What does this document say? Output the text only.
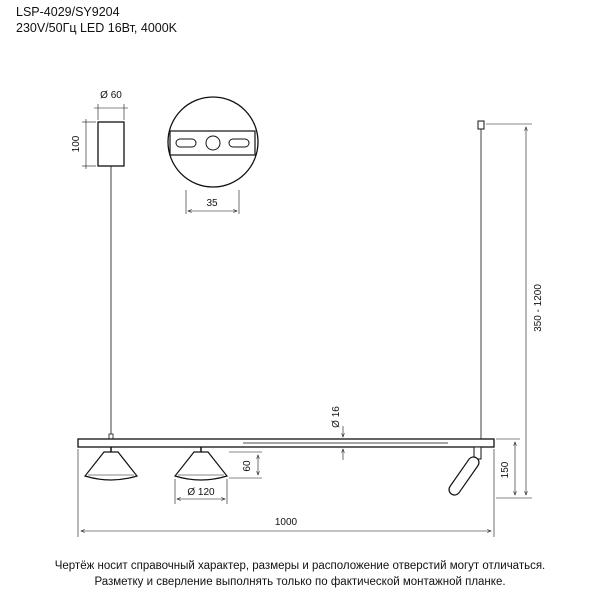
LSP-4029/SY9204
230V/50Гц LED 16Вт, 4000K
Ø 60
100
35
350 - 1200
Ø 16
60
Ø 120
150
1000
Чертёж носит справочный характер, размеры и расположение отверстий могут отличаться.
Разметку и сверление выполнять только по фактической монтажной планке.
